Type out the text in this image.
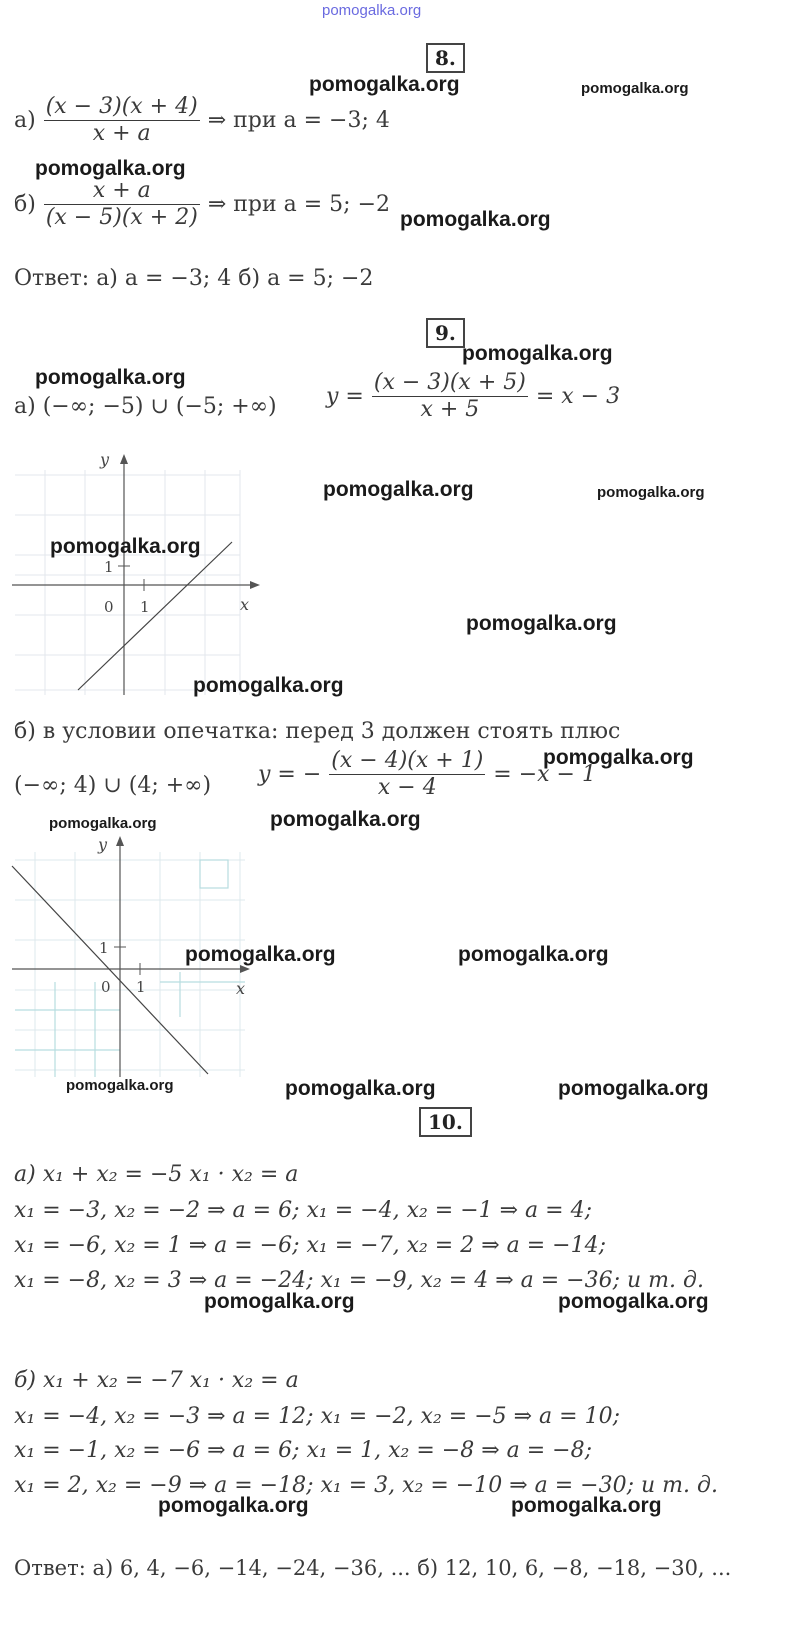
pomogalka.org
8.
$а) \frac{(x - 3)(x + 4)}{x + a}$ ⇒ при a = −3; 4
$б) \frac{x + a}{(x - 5)(x + 2)}$ ⇒ при a = 5; −2
Ответ: а) a = −3; 4 б) a = 5; −2
9.
а) (−∞; −5) ∪ (−5; +∞) $y = \frac{(x - 3)(x + 5)}{x + 5} = x - 3$
y
x
1
1
0
б) в условии опечатка: перед 3 должен стоять плюс
(−∞; 4) ∪ (4; +∞) y = − $\frac{(x - 4)(x + 1)}{x - 4} = -x - 1$
y
x
1
1
0
10.
а) x₁ + x₂ = −5 x₁ · x₂ = a
x₁ = −3, x₂ = −2 ⇒ a = 6; x₁ = −4, x₂ = −1 ⇒ a = 4;
x₁ = −6, x₂ = 1 ⇒ a = −6; x₁ = −7, x₂ = 2 ⇒ a = −14;
x₁ = −8, x₂ = 3 ⇒ a = −24; x₁ = −9, x₂ = 4 ⇒ a = −36; и т. д.
б) x₁ + x₂ = −7 x₁ · x₂ = a
x₁ = −4, x₂ = −3 ⇒ a = 12; x₁ = −2, x₂ = −5 ⇒ a = 10;
x₁ = −1, x₂ = −6 ⇒ a = 6; x₁ = 1, x₂ = −8 ⇒ a = −8;
x₁ = 2, x₂ = −9 ⇒ a = −18; x₁ = 3, x₂ = −10 ⇒ a = −30; и т. д.
Ответ: а) 6, 4, −6, −14, −24, −36, ... б) 12, 10, 6, −8, −18, −30, ...
pomogalka.org	pomogalka.org
pomogalka.org
pomogalka.org
pomogalka.org
pomogalka.org
pomogalka.org	pomogalka.org
pomogalka.org
pomogalka.org
pomogalka.org
pomogalka.org
pomogalka.org	pomogalka.org
pomogalka.org	pomogalka.org
pomogalka.org	pomogalka.org	pomogalka.org
pomogalka.org	pomogalka.org
pomogalka.org	pomogalka.org
